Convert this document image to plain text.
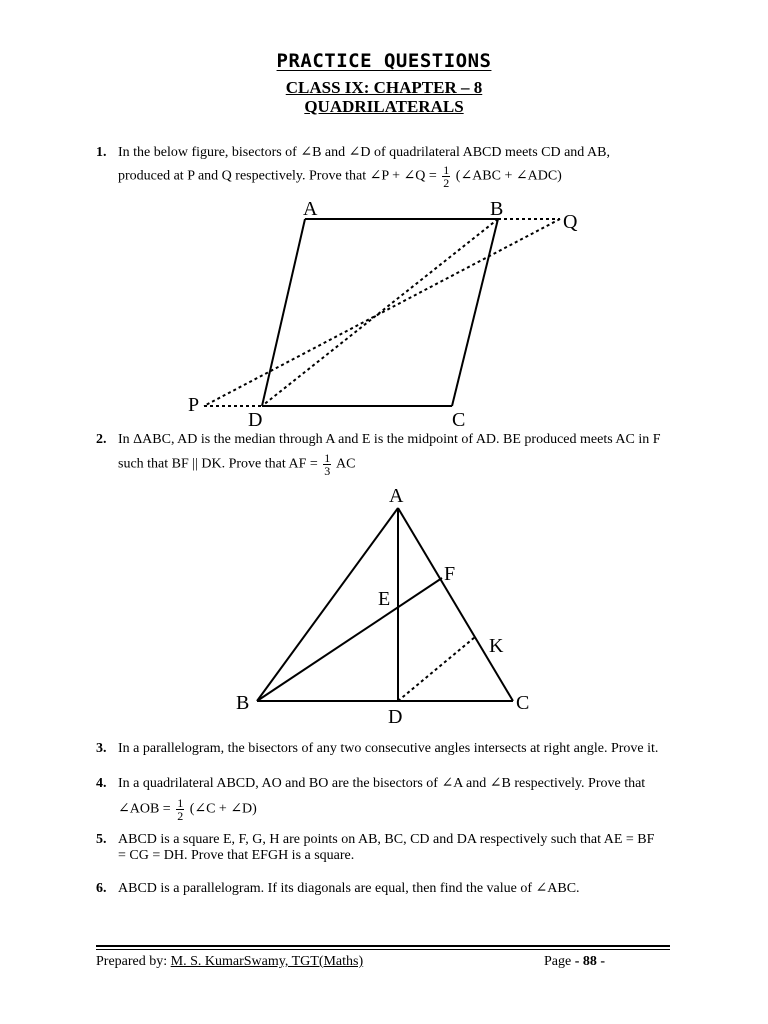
PRACTICE QUESTIONS
CLASS IX: CHAPTER – 8
QUADRILATERALS
1. In the below figure, bisectors of ∠B and ∠D of quadrilateral ABCD meets CD and AB,
produced at P and Q respectively. Prove that ∠P + ∠Q = $\frac{1}{2}$ (∠ABC + ∠ADC)
A	B
Q
P
D	C
2. In ΔABC, AD is the median through A and E is the midpoint of AD. BE produced meets AC in F
such that BF || DK. Prove that AF = $\frac{1}{3}$ AC
A
F
E
K
B	C
D
3. In a parallelogram, the bisectors of any two consecutive angles intersects at right angle. Prove it.
4. In a quadrilateral ABCD, AO and BO are the bisectors of ∠A and ∠B respectively. Prove that
∠AOB = $\frac{1}{2}$ (∠C + ∠D)
5. ABCD is a square E, F, G, H are points on AB, BC, CD and DA respectively such that AE = BF
= CG = DH. Prove that EFGH is a square.
6. ABCD is a parallelogram. If its diagonals are equal, then find the value of ∠ABC.
Prepared by: M. S. KumarSwamy, TGT(Maths)	Page - 88 -
